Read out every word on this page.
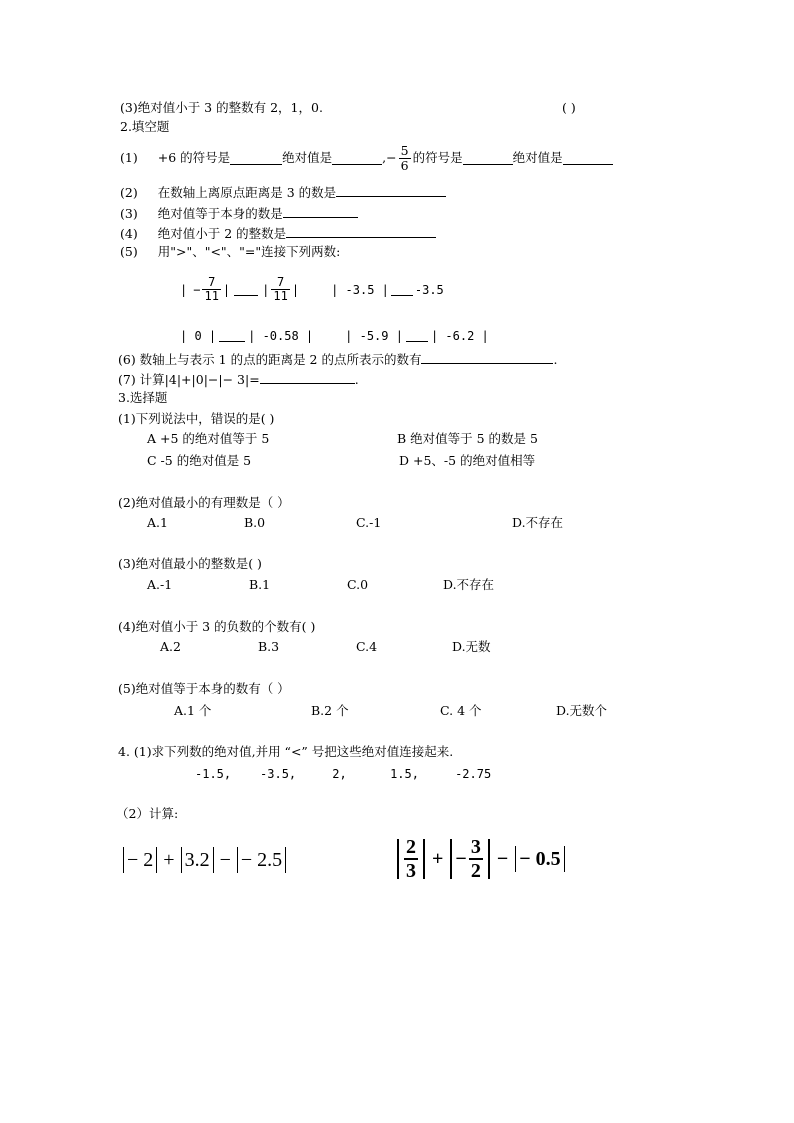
(3)绝对值小于 3 的整数有 2，1，0.	( )
2.填空题
(1) +6 的符号是	绝对值是	, − $\frac{5}{6}$ 的符号是	绝对值是
(2) 在数轴上离原点距离是 3 的数是
(3) 绝对值等于本身的数是
(4) 绝对值小于 2 的整数是
(5) 用">"、"<"、"="连接下列两数:
| − $\frac{7}{11}$ |	| $\frac{7}{11}$ |	| -3.5 | -3.5
| 0 |	| -0.58 |	| -5.9 | | -6.2 |
(6) 数轴上与表示 1 的点的距离是 2 的点所表示的数有	.
(7) 计算|4|+|0|−|− 3|=	.
3.选择题
(1)下列说法中，错误的是( )
A +5 的绝对值等于 5	B 绝对值等于 5 的数是 5
C -5 的绝对值是 5	D +5、-5 的绝对值相等
(2)绝对值最小的有理数是（ ）
A.1	B.0	C.-1	D.不存在
(3)绝对值最小的整数是( )
A.-1	B.1	C.0	D.不存在
(4)绝对值小于 3 的负数的个数有( )
A.2	B.3	C.4	D.无数
(5)绝对值等于本身的数有（ ）
A.1 个	B.2 个	C. 4 个	D.无数个
4. (1)求下列数的绝对值,并用 “<” 号把这些绝对值连接起来.
-1.5,    -3.5,     2,      1.5,     -2.75
（2）计算:
− 2 + 3.2 − − 2.5	$\frac{2}{3}$ + − $\frac{3}{2}$ − − 0.5
